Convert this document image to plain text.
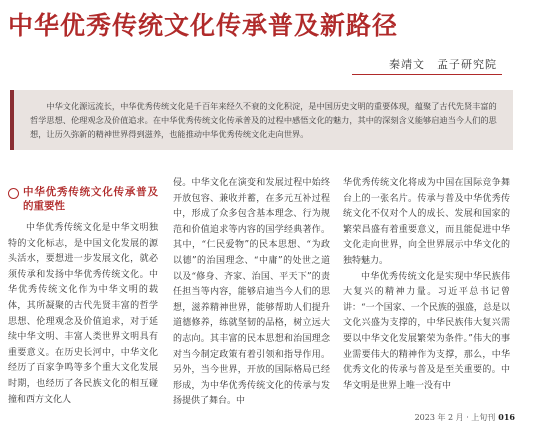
中华优秀传统文化传承普及新路径
秦靖文　孟子研究院

中华文化源远流长，中华优秀传统文化是千百年来经久不衰的文化积淀，是中国历史文明的重要体现，蕴聚了古代先贤丰富的哲学思想、伦理观念及价值追求。在中华优秀传统文化传承普及的过程中感悟文化的魅力，其中的深刻含义能够启迪当今人们的思想，让历久弥新的精神世界得到滋养，也能推动中华优秀传统文化走向世界。

中华优秀传统文化传承普及的重要性

中华优秀传统文化是中华文明独特的文化标志，是中国文化发展的源头活水，要想进一步发展文化，就必须传承和发扬中华优秀传统文化。中华优秀传统文化作为中华文明的载体，其所凝聚的古代先贤丰富的哲学思想、伦理观念及价值追求，对于延续中华文明、丰富人类世界文明具有重要意义。在历史长河中，中华文化经历了百家争鸣等多个重大文化发展时期，也经历了各民族文化的相互碰撞和西方文化人

侵。中华文化在演变和发展过程中始终开放包容、兼收并蓄，在多元互补过程中，形成了众多包含基本理念、行为规范和价值追求等内容的国学经典著作。其中，“仁民爱物”的民本思想、“为政以德”的治国理念、“中庸”的处世之道以及“修身、齐家、治国、平天下”的责任担当等内容，能够启迪当今人们的思想，滋养精神世界，能够帮助人们提升道德修养，练就坚韧的品格，树立远大的志向。其丰富的民本思想和治国理念对当今制定政策有着引领和指导作用。另外，当今世界，开放的国际格局已经形成，为中华优秀传统文化的传承与发扬提供了舞台。中

华优秀传统文化将成为中国在国际竞争舞台上的一张名片。传承与普及中华优秀传统文化不仅对个人的成长、发展和国家的繁荣昌盛有着重要意义，而且能促进中华文化走向世界，向全世界展示中华文化的独特魅力。

中华优秀传统文化是实现中华民族伟大复兴的精神力量。习近平总书记曾讲：“一个国家、一个民族的强盛，总是以文化兴盛为支撑的，中华民族伟大复兴需要以中华文化发展繁荣为条件。”伟大的事业需要伟大的精神作为支撑，那么，中华优秀文化的传承与普及是至关重要的。中华文明是世界上唯一没有中

2023 年 2 月 · 上旬刊 016
